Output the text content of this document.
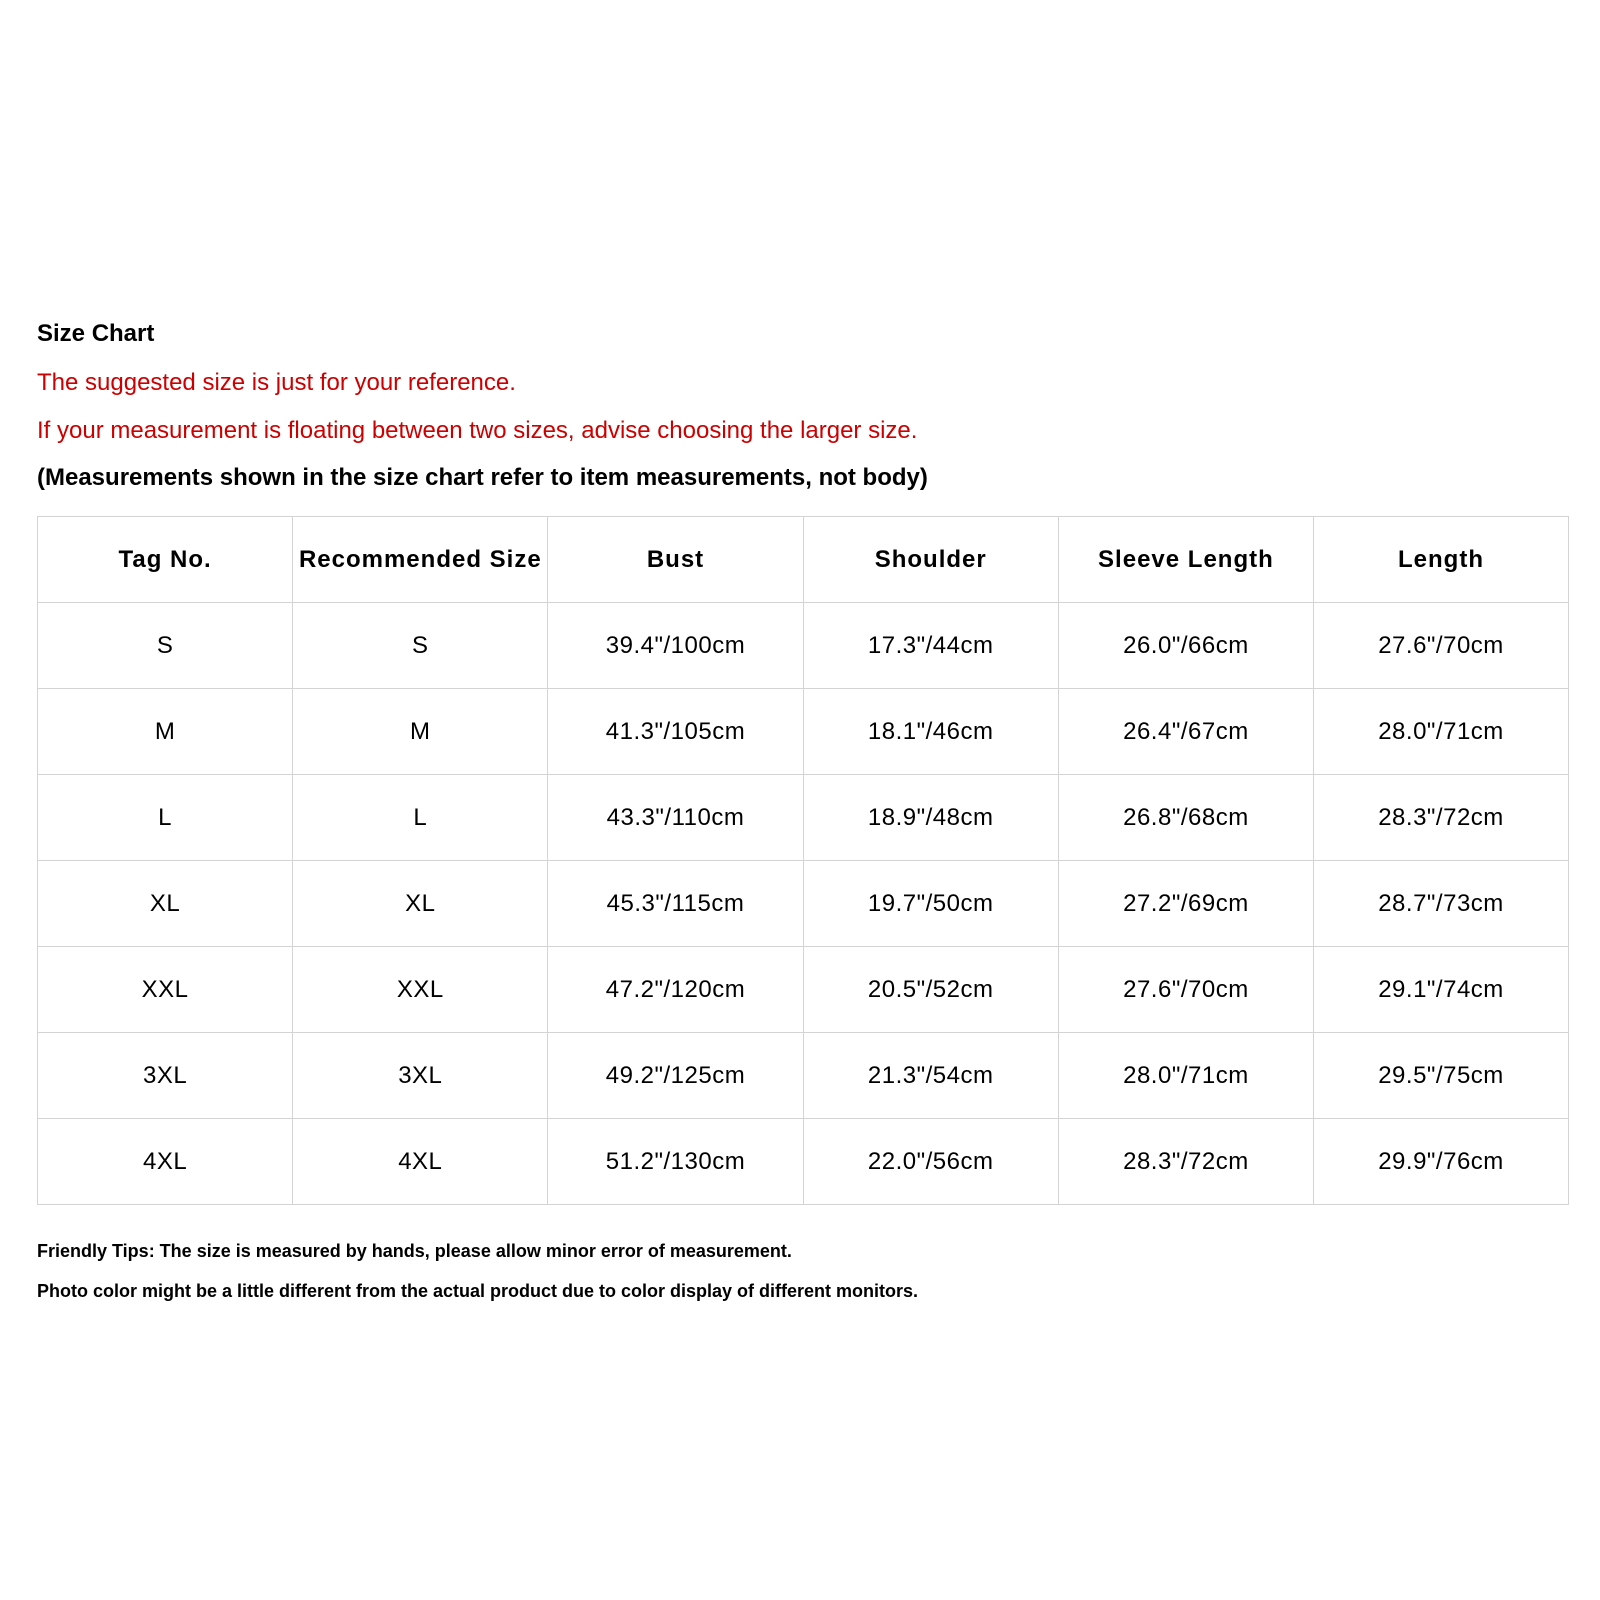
Size Chart

The suggested size is just for your reference.

If your measurement is floating between two sizes, advise choosing the larger size.

(Measurements shown in the size chart refer to item measurements, not body)

Tag No.	Recommended Size	Bust	Shoulder	Sleeve Length	Length
S	S	39.4"/100cm	17.3"/44cm	26.0"/66cm	27.6"/70cm
M	M	41.3"/105cm	18.1"/46cm	26.4"/67cm	28.0"/71cm
L	L	43.3"/110cm	18.9"/48cm	26.8"/68cm	28.3"/72cm
XL	XL	45.3"/115cm	19.7"/50cm	27.2"/69cm	28.7"/73cm
XXL	XXL	47.2"/120cm	20.5"/52cm	27.6"/70cm	29.1"/74cm
3XL	3XL	49.2"/125cm	21.3"/54cm	28.0"/71cm	29.5"/75cm
4XL	4XL	51.2"/130cm	22.0"/56cm	28.3"/72cm	29.9"/76cm

Friendly Tips: The size is measured by hands, please allow minor error of measurement.

Photo color might be a little different from the actual product due to color display of different monitors.
